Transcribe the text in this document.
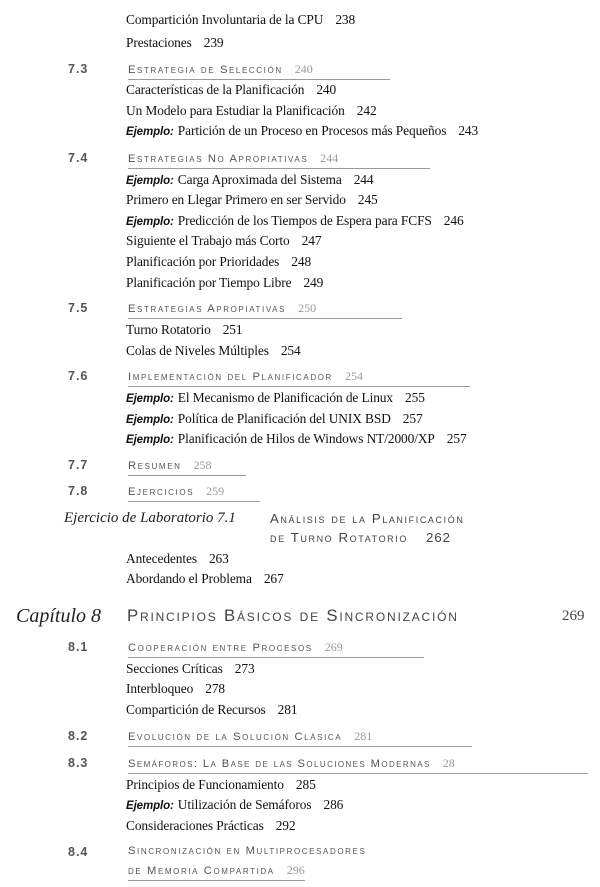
Compartición Involuntaria de la CPU 238
Prestaciones 239
7.3	Estrategia de Selección 240
Características de la Planificación 240
Un Modelo para Estudiar la Planificación 242
Ejemplo: Partición de un Proceso en Procesos más Pequeños 243
7.4	Estrategias No Apropiativas 244
Ejemplo: Carga Aproximada del Sistema 244
Primero en Llegar Primero en ser Servido 245
Ejemplo: Predicción de los Tiempos de Espera para FCFS 246
Siguiente el Trabajo más Corto 247
Planificación por Prioridades 248
Planificación por Tiempo Libre 249
7.5	Estrategias Apropiativas 250
Turno Rotatorio 251
Colas de Niveles Múltiples 254
7.6	Implementación del Planificador 254
Ejemplo: El Mecanismo de Planificación de Linux 255
Ejemplo: Política de Planificación del UNIX BSD 257
Ejemplo: Planificación de Hilos de Windows NT/2000/XP 257
7.7	Resumen 258
7.8	Ejercicios 259
Ejercicio de Laboratorio 7.1	Análisis de la Planificación
de Turno Rotatorio 262
Antecedentes 263
Abordando el Problema 267
Capítulo 8 Principios Básicos de Sincronización	269
8.1	Cooperación entre Procesos 269
Secciones Críticas 273
Interbloqueo 278
Compartición de Recursos 281
8.2	Evolución de la Solución Clásica 281
8.3	Semáforos: La Base de las Soluciones Modernas 28
Principios de Funcionamiento 285
Ejemplo: Utilización de Semáforos 286
Consideraciones Prácticas 292
8.4	Sincronización en Multiprocesadores
de Memoria Compartida 296
